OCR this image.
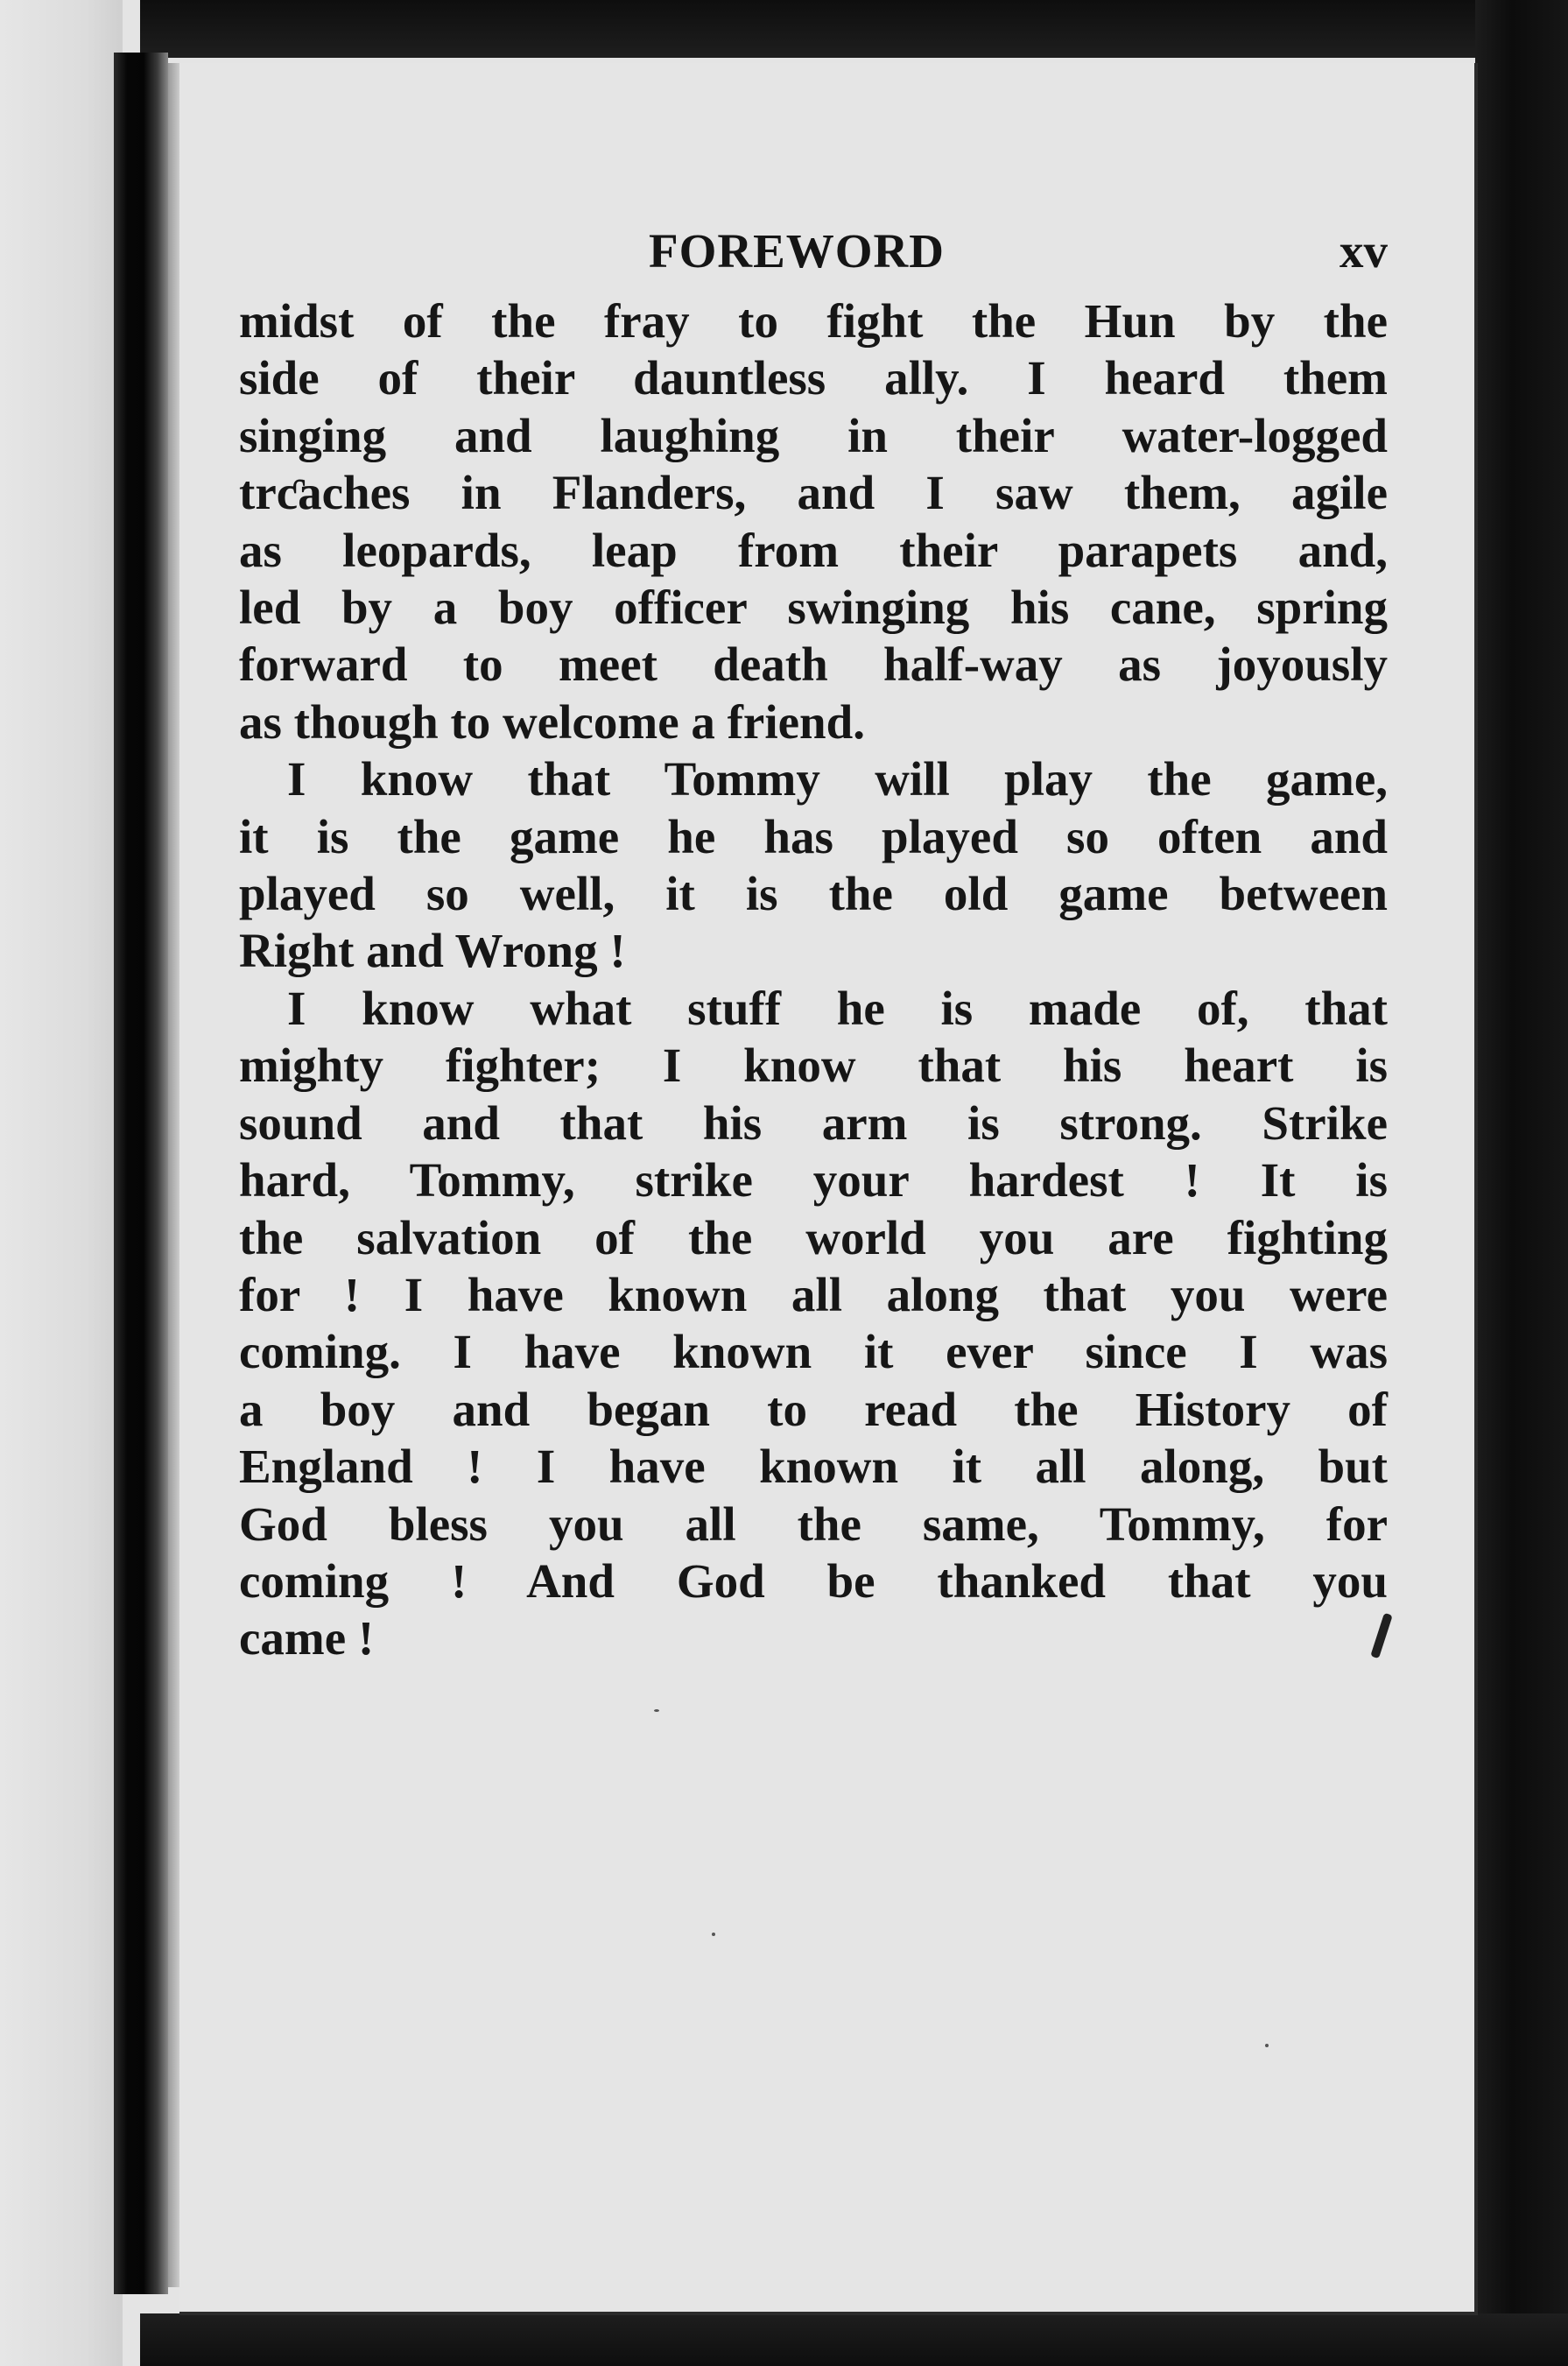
FOREWORD	xv

midst of the fray to fight the Hun by the
side of their dauntless ally. I heard them
singing and laughing in their water-logged
trƈaches in Flanders, and I saw them, agile
as leopards, leap from their parapets and,
led by a boy officer swinging his cane, spring
forward to meet death half-way as joyously
as though to welcome a friend.

I know that Tommy will play the game,
it is the game he has played so often and
played so well, it is the old game between
Right and Wrong !

I know what stuff he is made of, that
mighty fighter; I know that his heart is
sound and that his arm is strong. Strike
hard, Tommy, strike your hardest ! It is
the salvation of the world you are fighting
for ! I have known all along that you were
coming. I have known it ever since I was
a boy and began to read the History of
England ! I have known it all along, but
God bless you all the same, Tommy, for
coming ! And God be thanked that you
came !
